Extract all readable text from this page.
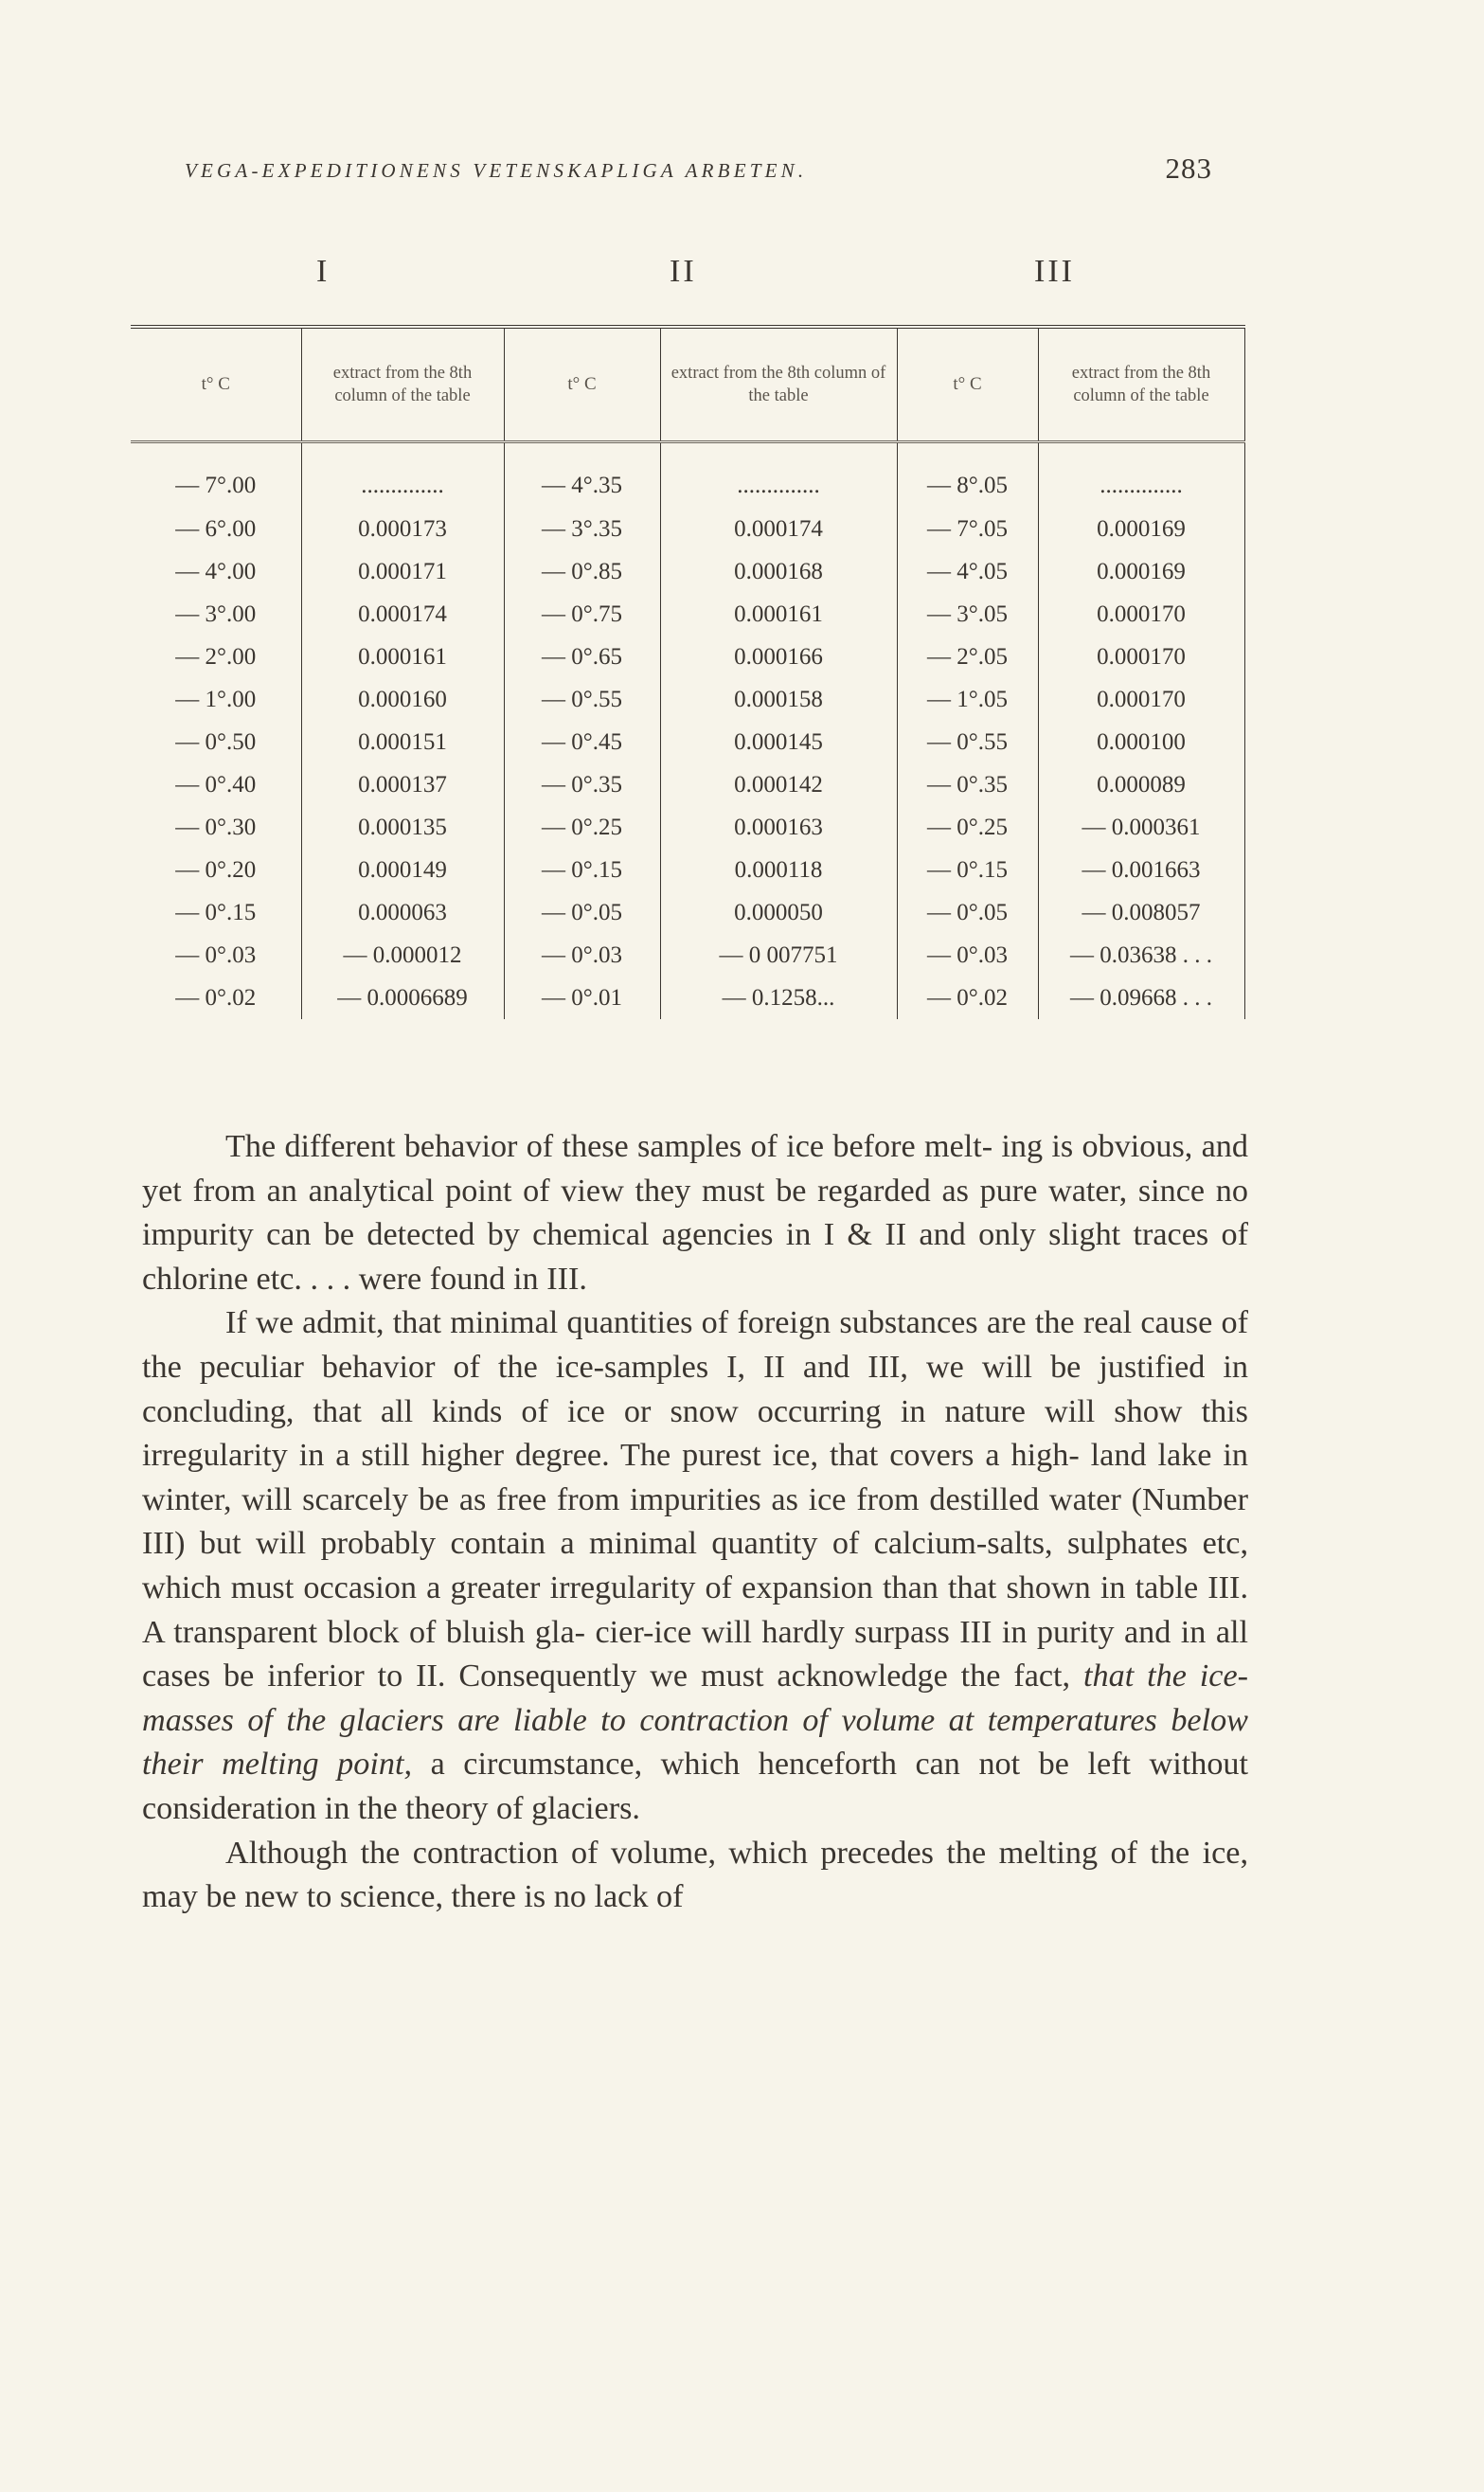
VEGA-EXPEDITIONENS VETENSKAPLIGA ARBETEN.	283
I	II	III
t° C	extract from the 8th column of the table	t° C	extract from the 8th column of the table	t° C	extract from the 8th column of the table
— 7°.00	..............	— 4°.35	..............	— 8°.05	..............
— 6°.00	0.000173	— 3°.35	0.000174	— 7°.05	0.000169
— 4°.00	0.000171	— 0°.85	0.000168	— 4°.05	0.000169
— 3°.00	0.000174	— 0°.75	0.000161	— 3°.05	0.000170
— 2°.00	0.000161	— 0°.65	0.000166	— 2°.05	0.000170
— 1°.00	0.000160	— 0°.55	0.000158	— 1°.05	0.000170
— 0°.50	0.000151	— 0°.45	0.000145	— 0°.55	0.000100
— 0°.40	0.000137	— 0°.35	0.000142	— 0°.35	0.000089
— 0°.30	0.000135	— 0°.25	0.000163	— 0°.25	— 0.000361
— 0°.20	0.000149	— 0°.15	0.000118	— 0°.15	— 0.001663
— 0°.15	0.000063	— 0°.05	0.000050	— 0°.05	— 0.008057
— 0°.03	— 0.000012	— 0°.03	— 0 007751	— 0°.03	— 0.03638 . . .
— 0°.02	— 0.0006689	— 0°.01	— 0.1258...	— 0°.02	— 0.09668 . . .

The different behavior of these samples of ice before melt- ing is obvious, and yet from an analytical point of view they must be regarded as pure water, since no impurity can be detected by chemical agencies in I & II and only slight traces of chlorine etc. . . . were found in III.

If we admit, that minimal quantities of foreign substances are the real cause of the peculiar behavior of the ice-samples I, II and III, we will be justified in concluding, that all kinds of ice or snow occurring in nature will show this irregularity in a still higher degree. The purest ice, that covers a high- land lake in winter, will scarcely be as free from impurities as ice from destilled water (Number III) but will probably contain a minimal quantity of calcium-salts, sulphates etc, which must occasion a greater irregularity of expansion than that shown in table III. A transparent block of bluish gla- cier-ice will hardly surpass III in purity and in all cases be inferior to II. Consequently we must acknowledge the fact, that the ice-masses of the glaciers are liable to contraction of volume at temperatures below their melting point, a circumstance, which henceforth can not be left without consideration in the theory of glaciers.

Although the contraction of volume, which precedes the melting of the ice, may be new to science, there is no lack of
